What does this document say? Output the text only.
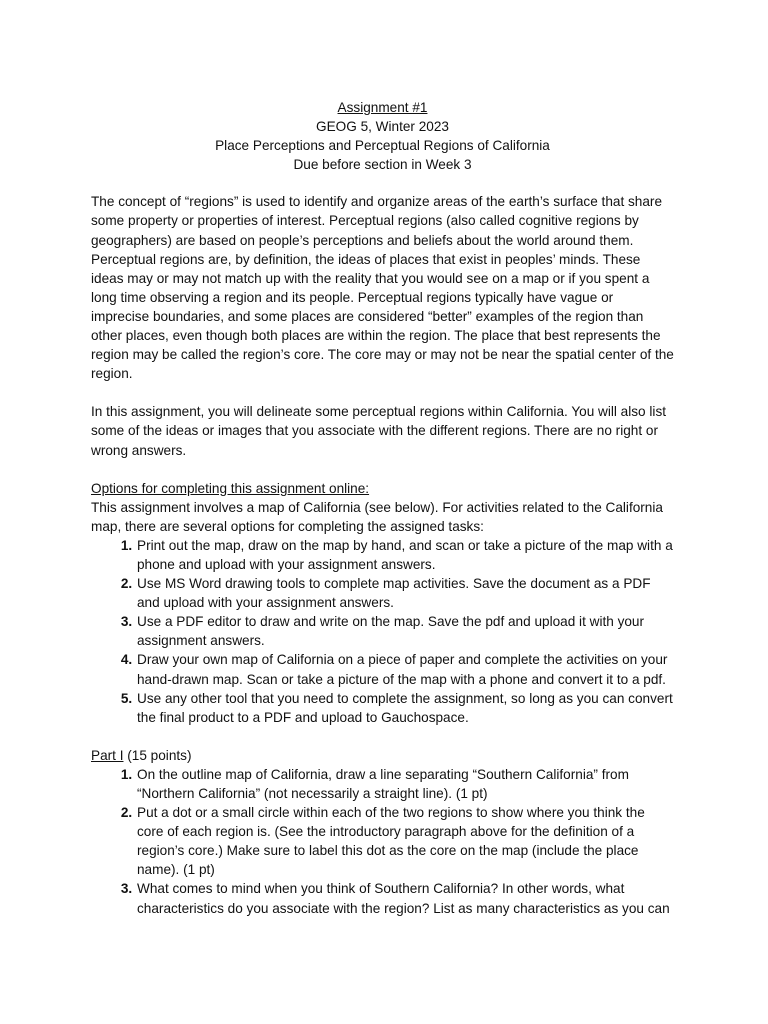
Assignment #1
GEOG 5, Winter 2023
Place Perceptions and Perceptual Regions of California
Due before section in Week 3

The concept of “regions” is used to identify and organize areas of the earth’s surface that share some property or properties of interest. Perceptual regions (also called cognitive regions by geographers) are based on people’s perceptions and beliefs about the world around them. Perceptual regions are, by definition, the ideas of places that exist in peoples’ minds. These ideas may or may not match up with the reality that you would see on a map or if you spent a long time observing a region and its people. Perceptual regions typically have vague or imprecise boundaries, and some places are considered “better” examples of the region than other places, even though both places are within the region. The place that best represents the region may be called the region’s core. The core may or may not be near the spatial center of the region.

In this assignment, you will delineate some perceptual regions within California. You will also list some of the ideas or images that you associate with the different regions. There are no right or wrong answers.

Options for completing this assignment online:
This assignment involves a map of California (see below). For activities related to the California map, there are several options for completing the assigned tasks:
1. Print out the map, draw on the map by hand, and scan or take a picture of the map with a phone and upload with your assignment answers.
2. Use MS Word drawing tools to complete map activities. Save the document as a PDF and upload with your assignment answers.
3. Use a PDF editor to draw and write on the map. Save the pdf and upload it with your assignment answers.
4. Draw your own map of California on a piece of paper and complete the activities on your hand-drawn map. Scan or take a picture of the map with a phone and convert it to a pdf.
5. Use any other tool that you need to complete the assignment, so long as you can convert the final product to a PDF and upload to Gauchospace.
Part I (15 points)
1. On the outline map of California, draw a line separating “Southern California” from “Northern California” (not necessarily a straight line). (1 pt)
2. Put a dot or a small circle within each of the two regions to show where you think the core of each region is. (See the introductory paragraph above for the definition of a region’s core.) Make sure to label this dot as the core on the map (include the place name). (1 pt)
3. What comes to mind when you think of Southern California? In other words, what characteristics do you associate with the region? List as many characteristics as you can
